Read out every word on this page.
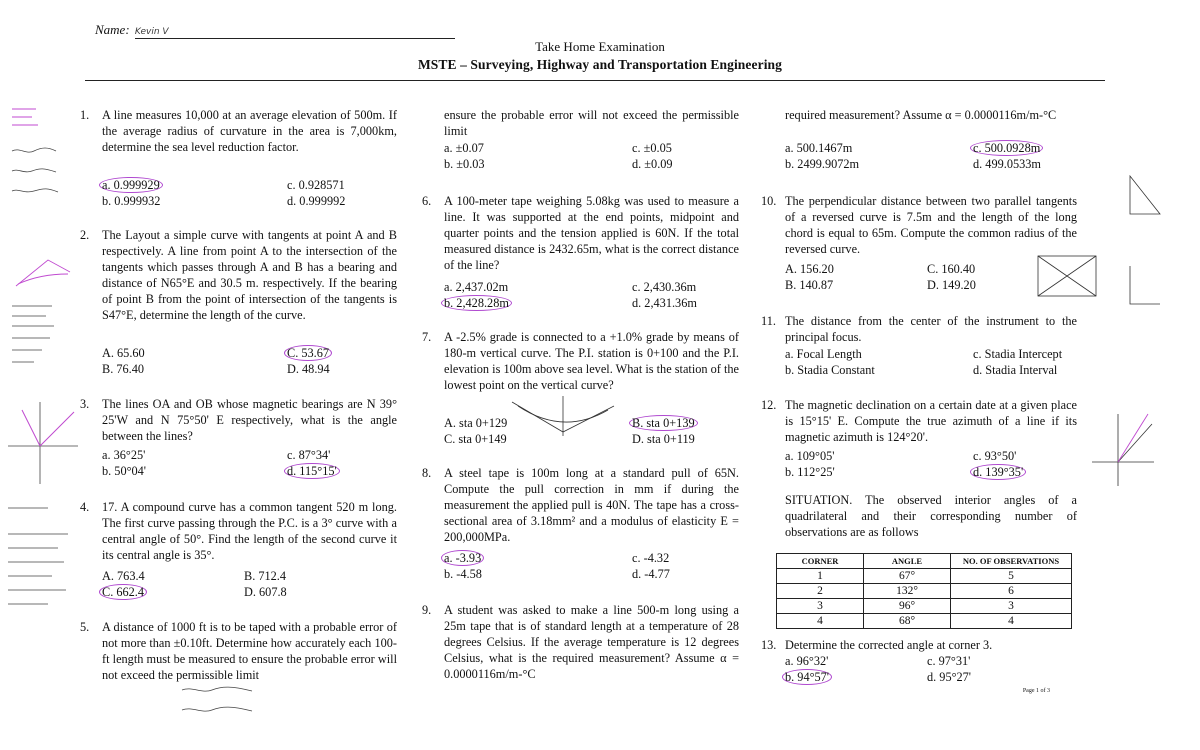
Name: Kevin V
Take Home Examination
MSTE – Surveying, Highway and Transportation Engineering
1. A line measures 10,000 at an average elevation of 500m. If the average radius of curvature in the area is 7,000km, determine the sea level reduction factor.
a. 0.999929
b. 0.999932
c. 0.928571
d. 0.999992
2. The Layout a simple curve with tangents at point A and B respectively. A line from point A to the intersection of the tangents which passes through A and B has a bearing and distance of N65°E and 30.5 m. respectively. If the bearing of point B from the point of intersection of the tangents is S47°E, determine the length of the curve.
A. 65.60
B. 76.40
C. 53.67
D. 48.94
3. The lines OA and OB whose magnetic bearings are N 39° 25'W and N 75°50' E respectively, what is the angle between the lines?
a. 36°25'
b. 50°04'
c. 87°34'
d. 115°15'
4. 17. A compound curve has a common tangent 520 m long. The first curve passing through the P.C. is a 3° curve with a central angle of 50°. Find the length of the second curve it its central angle is 35°.
A. 763.4
C. 662.4
B. 712.4
D. 607.8
5. A distance of 1000 ft is to be taped with a probable error of not more than ±0.10ft. Determine how accurately each 100-ft length must be measured to ensure the probable error will not exceed the permissible limit
ensure the probable error will not exceed the permissible limit
a. ±0.07
b. ±0.03
c. ±0.05
d. ±0.09
6. A 100-meter tape weighing 5.08kg was used to measure a line. It was supported at the end points, midpoint and quarter points and the tension applied is 60N. If the total measured distance is 2432.65m, what is the correct distance of the line?
a. 2,437.02m
b. 2,428.28m
c. 2,430.36m
d. 2,431.36m
7. A -2.5% grade is connected to a +1.0% grade by means of 180-m vertical curve. The P.I. station is 0+100 and the P.I. elevation is 100m above sea level. What is the station of the lowest point on the vertical curve?
A. sta 0+129
C. sta 0+149
B. sta 0+139
D. sta 0+119
8. A steel tape is 100m long at a standard pull of 65N. Compute the pull correction in mm if during the measurement the applied pull is 40N. The tape has a cross-sectional area of 3.18mm² and a modulus of elasticity E = 200,000MPa.
a. -3.93
b. -4.58
c. -4.32
d. -4.77
9. A student was asked to make a line 500-m long using a 25m tape that is of standard length at a temperature of 28 degrees Celsius. If the average temperature is 12 degrees Celsius, what is the required measurement? Assume α = 0.0000116m/m-°C
required measurement? Assume α = 0.0000116m/m-°C
a. 500.1467m
b. 2499.9072m
c. 500.0928m
d. 499.0533m
10. The perpendicular distance between two parallel tangents of a reversed curve is 7.5m and the length of the long chord is equal to 65m. Compute the common radius of the reversed curve.
A. 156.20
B. 140.87
C. 160.40
D. 149.20
11. The distance from the center of the instrument to the principal focus.
a. Focal Length
b. Stadia Constant
c. Stadia Intercept
d. Stadia Interval
12. The magnetic declination on a certain date at a given place is 15°15' E. Compute the true azimuth of a line if its magnetic azimuth is 124°20'.
a. 109°05'
b. 112°25'
c. 93°50'
d. 139°35'
SITUATION. The observed interior angles of a quadrilateral and their corresponding number of observations are as follows
CORNER	ANGLE	NO. OF OBSERVATIONS
1	67°	5
2	132°	6
3	96°	3
4	68°	4
13. Determine the corrected angle at corner 3.
a. 96°32'
b. 94°57'
c. 97°31'
d. 95°27'
Page 1 of 3
